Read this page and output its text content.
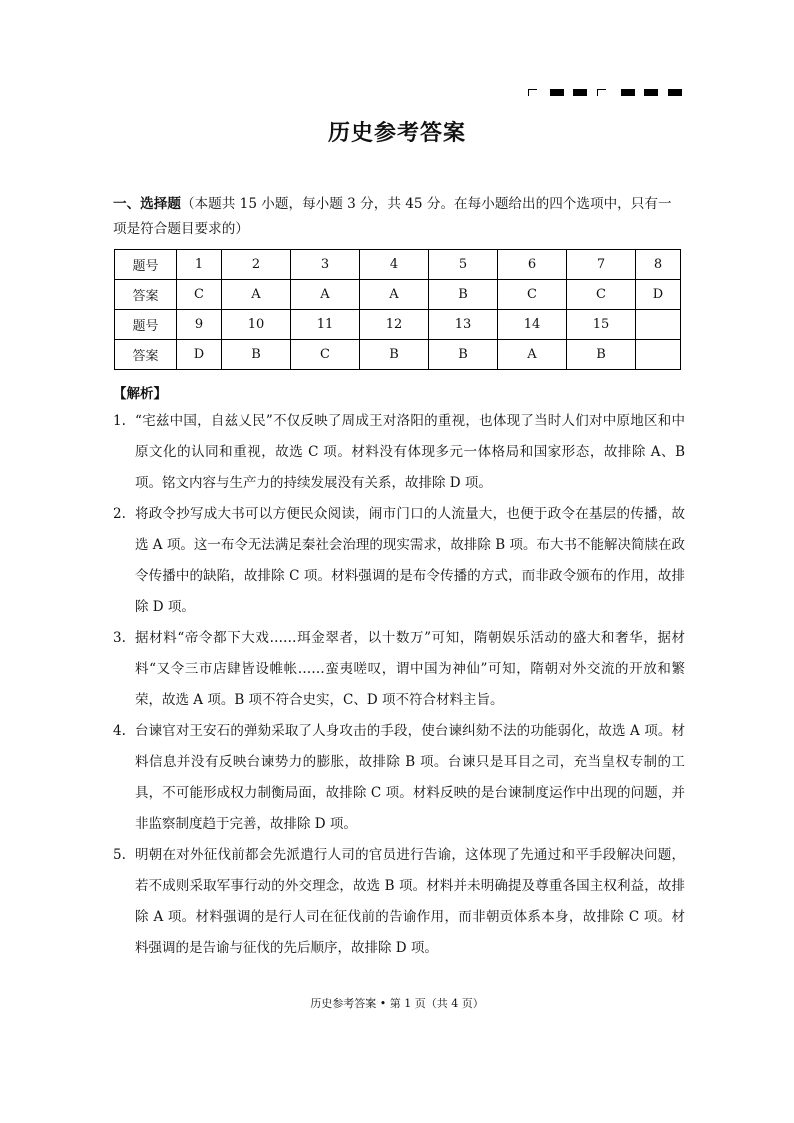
历史参考答案
一、选择题（本题共 15 小题，每小题 3 分，共 45 分。在每小题给出的四个选项中，只有一项是符合题目要求的）
题号	1	2	3	4	5	6	7	8
答案	C	A	A	A	B	C	C	D
题号	9	10	11	12	13	14	15	
答案	D	B	C	B	B	A	B	
【解析】
1. “宅兹中国，自兹乂民”不仅反映了周成王对洛阳的重视，也体现了当时人们对中原地区和中原文化的认同和重视，故选 C 项。材料没有体现多元一体格局和国家形态，故排除 A、B 项。铭文内容与生产力的持续发展没有关系，故排除 D 项。
2. 将政令抄写成大书可以方便民众阅读，闹市门口的人流量大，也便于政令在基层的传播，故选 A 项。这一布令无法满足秦社会治理的现实需求，故排除 B 项。布大书不能解决简牍在政令传播中的缺陷，故排除 C 项。材料强调的是布令传播的方式，而非政令颁布的作用，故排除 D 项。
3. 据材料“帝令都下大戏……珥金翠者，以十数万”可知，隋朝娱乐活动的盛大和奢华，据材料“又令三市店肆皆设帷帐……蛮夷嗟叹，谓中国为神仙”可知，隋朝对外交流的开放和繁荣，故选 A 项。B 项不符合史实，C、D 项不符合材料主旨。
4. 台谏官对王安石的弹劾采取了人身攻击的手段，使台谏纠劾不法的功能弱化，故选 A 项。材料信息并没有反映台谏势力的膨胀，故排除 B 项。台谏只是耳目之司，充当皇权专制的工具，不可能形成权力制衡局面，故排除 C 项。材料反映的是台谏制度运作中出现的问题，并非监察制度趋于完善，故排除 D 项。
5. 明朝在对外征伐前都会先派遣行人司的官员进行告谕，这体现了先通过和平手段解决问题，若不成则采取军事行动的外交理念，故选 B 项。材料并未明确提及尊重各国主权利益，故排除 A 项。材料强调的是行人司在征伐前的告谕作用，而非朝贡体系本身，故排除 C 项。材料强调的是告谕与征伐的先后顺序，故排除 D 项。
历史参考答案 • 第 1 页（共 4 页）
